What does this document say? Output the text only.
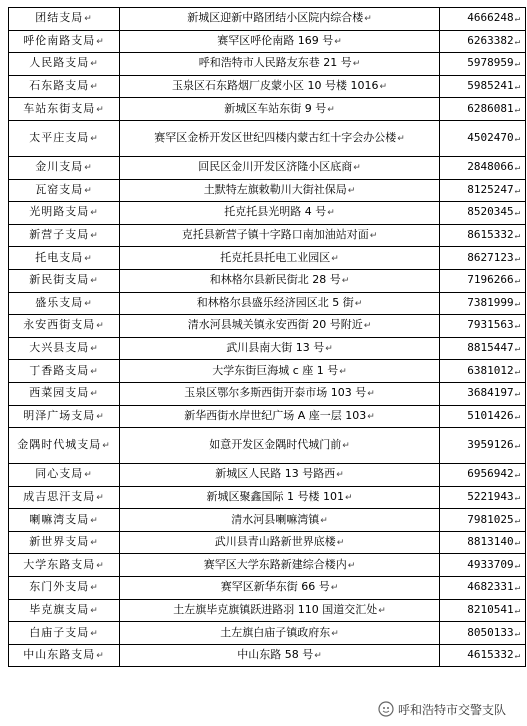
团结支局↵	新城区迎新中路团结小区院内综合楼↵	4666248↵
呼伦南路支局↵	赛罕区呼伦南路 169 号↵	6263382↵
人民路支局↵	呼和浩特市人民路友东巷 21 号↵	5978959↵
石东路支局↵	玉泉区石东路烟厂皮蒙小区 10 号楼 1016↵	5985241↵
车站东街支局↵	新城区车站东街 9 号↵	6286081↵
太平庄支局↵	赛罕区金桥开发区世纪四楼内蒙古红十字会办公楼↵	4502470↵
金川支局↵	回民区金川开发区济隆小区底商↵	2848066↵
瓦窑支局↵	土默特左旗敕勒川大街社保局↵	8125247↵
光明路支局↵	托克托县光明路 4 号↵	8520345↵
新营子支局↵	克托县新营子镇十字路口南加油站对面↵	8615332↵
托电支局↵	托克托县托电工业园区↵	8627123↵
新民街支局↵	和林格尔县新民街北 28 号↵	7196266↵
盛乐支局↵	和林格尔县盛乐经济园区北 5 街↵	7381999↵
永安西街支局↵	清水河县城关镇永安西街 20 号附近↵	7931563↵
大兴县支局↵	武川县南大街 13 号↵	8815447↵
丁香路支局↵	大学东街巨海城 c 座 1 号↵	6381012↵
西菜园支局↵	玉泉区鄂尔多斯西街开泰市场 103 号↵	3684197↵
明泽广场支局↵	新华西街水岸世纪广场 A 座一层 103↵	5101426↵
金隅时代城支局↵	如意开发区金隅时代城门前↵	3959126↵
同心支局↵	新城区人民路 13 号路西↵	6956942↵
成吉思汗支局↵	新城区聚鑫国际 1 号楼 101↵	5221943↵
喇嘛湾支局↵	清水河县喇嘛湾镇↵	7981025↵
新世界支局↵	武川县青山路新世界底楼↵	8813140↵
大学东路支局↵	赛罕区大学东路新建综合楼内↵	4933709↵
东门外支局↵	赛罕区新华东街 66 号↵	4682331↵
毕克旗支局↵	土左旗毕克旗镇跃进路羽 110 国道交汇处↵	8210541↵
白庙子支局↵	土左旗白庙子镇政府东↵	8050133↵
中山东路支局↵	中山东路 58 号↵	4615332↵
呼和浩特市交警支队
